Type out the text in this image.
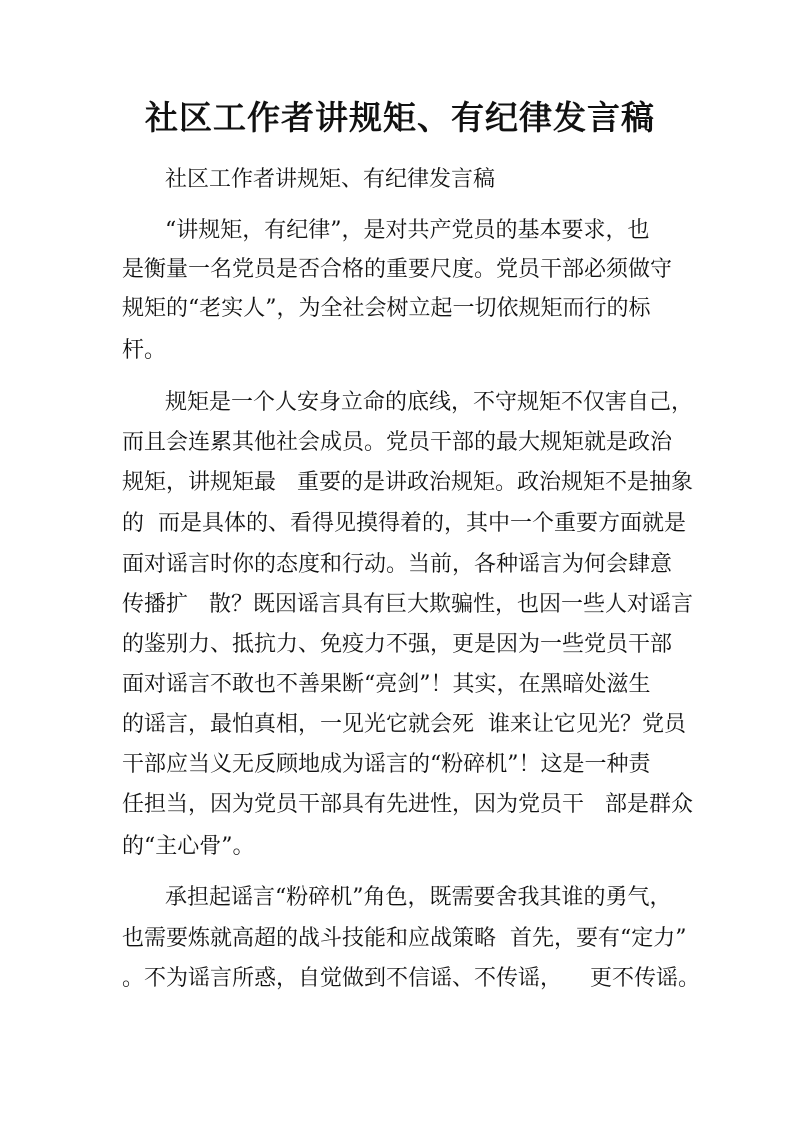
社区工作者讲规矩、有纪律发言稿
社区工作者讲规矩、有纪律发言稿
“讲规矩，有纪律”，是对共产党员的基本要求，也
是衡量一名党员是否合格的重要尺度。党员干部必须做守
规矩的“老实人”，为全社会树立起一切依规矩而行的标
杆。
规矩是一个人安身立命的底线，不守规矩不仅害自己，
而且会连累其他社会成员。党员干部的最大规矩就是政治
规矩，讲规矩最   重要的是讲政治规矩。政治规矩不是抽象
的  而是具体的、看得见摸得着的，其中一个重要方面就是
面对谣言时你的态度和行动。当前，各种谣言为何会肆意
传播扩   散？既因谣言具有巨大欺骗性，也因一些人对谣言
的鉴别力、抵抗力、免疫力不强，更是因为一些党员干部
面对谣言不敢也不善果断“亮剑”！其实，在黑暗处滋生
的谣言，最怕真相，一见光它就会死  谁来让它见光？党员
干部应当义无反顾地成为谣言的“粉碎机”！这是一种责
任担当，因为党员干部具有先进性，因为党员干   部是群众
的“主心骨”。
承担起谣言“粉碎机”角色，既需要舍我其谁的勇气，
也需要炼就高超的战斗技能和应战策略  首先，要有“定力”
。不为谣言所惑，自觉做到不信谣、不传谣，    更不传谣。
